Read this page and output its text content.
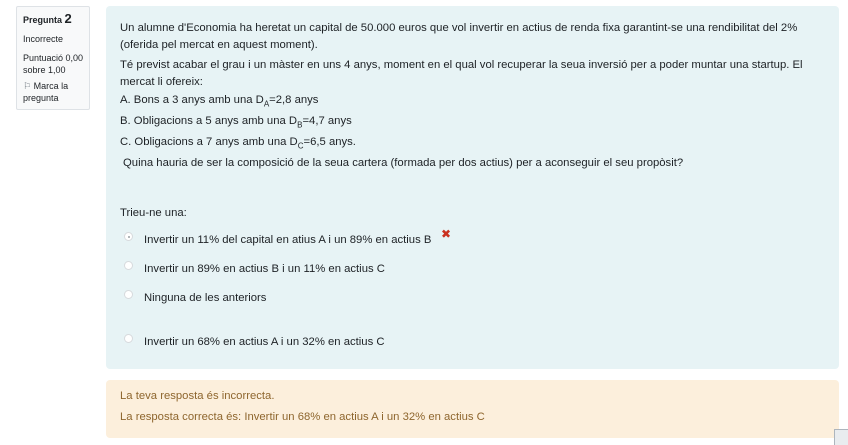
Pregunta 2
Incorrecte
Puntuació 0,00 sobre 1,00
⚐ Marca la pregunta

Un alumne d'Economia ha heretat un capital de 50.000 euros que vol invertir en actius de renda fixa garantint-se una rendibilitat del 2% (oferida pel mercat en aquest moment).

Té previst acabar el grau i un màster en uns 4 anys, moment en el qual vol recuperar la seua inversió per a poder muntar una startup. El mercat li ofereix:

A. Bons a 3 anys amb una $D_A=2,8$ anys

B. Obligacions a 5 anys amb una $D_B=4,7$ anys

C. Obligacions a 7 anys amb una $D_C=6,5$ anys.

Quina hauria de ser la composició de la seua cartera (formada per dos actius) per a aconseguir el seu propòsit?

Trieu-ne una:
Invertir un 11% del capital en atius A i un 89% en actius B ✖
Invertir un 89% en actius B i un 11% en actius C
Ninguna de les anteriors
Invertir un 68% en actius A i un 32% en actius C
La teva resposta és incorrecta.
La resposta correcta és: Invertir un 68% en actius A i un 32% en actius C
